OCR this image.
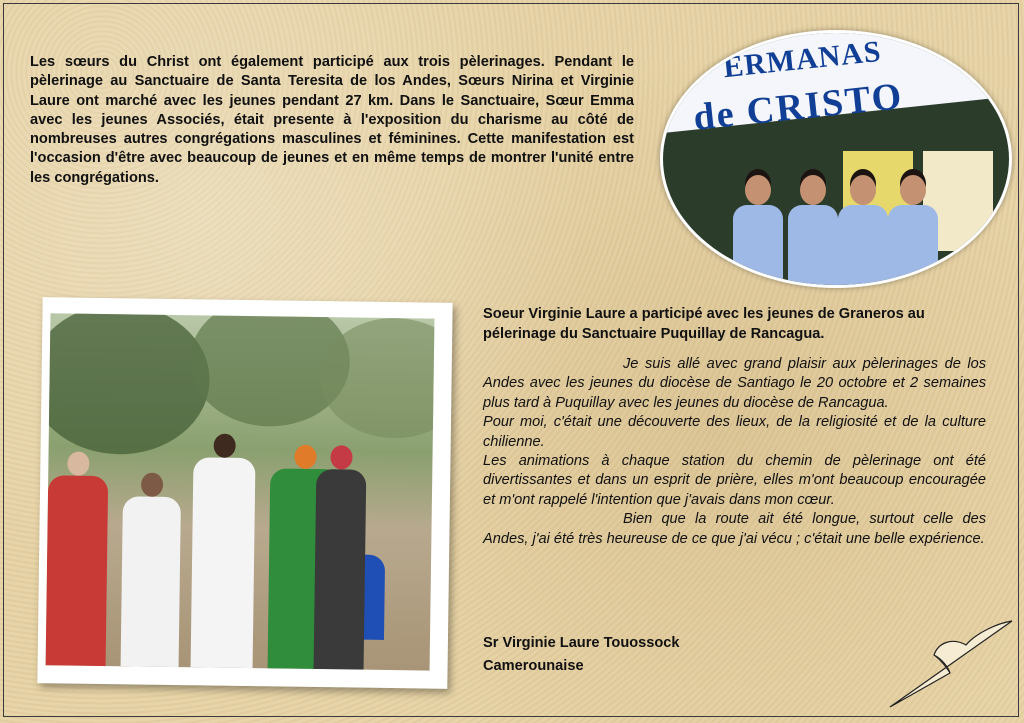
Les sœurs du Christ ont également participé aux trois pèlerinages. Pendant le pèlerinage au Sanctuaire de Santa Teresita de los Andes, Sœurs Nirina et Virginie Laure ont marché avec les jeunes pendant 27 km. Dans le Sanctuaire, Sœur Emma avec les jeunes Associés, était presente à l'exposition du charisme au côté de nombreuses autres congrégations masculines et féminines. Cette manifestation est l'occasion d'être avec beaucoup de jeunes et en même temps de montrer l'unité entre les congrégations.

ERMANAS
de CRISTO
Soeur Virginie Laure a participé avec les jeunes de Graneros au pélerinage du Sanctuaire Puquillay de Rancagua.

Je suis allé avec grand plaisir aux pèlerinages de los Andes avec les jeunes du diocèse de Santiago le 20 octobre et 2 semaines plus tard à Puquillay avec les jeunes du diocèse de Rancagua.

Pour moi, c'était une découverte des lieux, de la religiosité et de la culture chilienne.

Les animations à chaque station du chemin de pèlerinage ont été divertissantes et dans un esprit de prière, elles m'ont beaucoup encouragée et m'ont rappelé l'intention que j'avais dans mon cœur.

Bien que la route ait été longue, surtout celle des Andes, j'ai été très heureuse de ce que j'ai vécu ; c'était une belle expérience.

Sr Virginie Laure Touossock
Camerounaise
